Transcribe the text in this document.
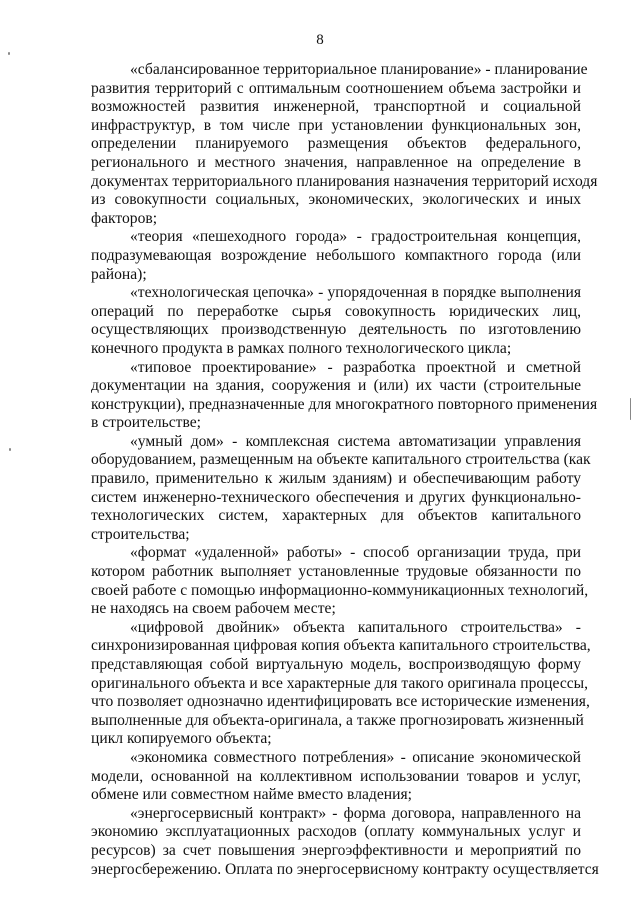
8
«сбалансированное территориальное планирование» - планирование
развития территорий с оптимальным соотношением объема застройки и
возможностей развития инженерной, транспортной и социальной
инфраструктур, в том числе при установлении функциональных зон,
определении планируемого размещения объектов федерального,
регионального и местного значения, направленное на определение в
документах территориального планирования назначения территорий исходя
из совокупности социальных, экономических, экологических и иных
факторов;
«теория «пешеходного города» - градостроительная концепция,
подразумевающая возрождение небольшого компактного города (или
района);
«технологическая цепочка» - упорядоченная в порядке выполнения
операций по переработке сырья совокупность юридических лиц,
осуществляющих производственную деятельность по изготовлению
конечного продукта в рамках полного технологического цикла;
«типовое проектирование» - разработка проектной и сметной
документации на здания, сооружения и (или) их части (строительные
конструкции), предназначенные для многократного повторного применения
в строительстве;
«умный дом» - комплексная система автоматизации управления
оборудованием, размещенным на объекте капитального строительства (как
правило, применительно к жилым зданиям) и обеспечивающим работу
систем инженерно-технического обеспечения и других функционально-
технологических систем, характерных для объектов капитального
строительства;
«формат «удаленной» работы» - способ организации труда, при
котором работник выполняет установленные трудовые обязанности по
своей работе с помощью информационно-коммуникационных технологий,
не находясь на своем рабочем месте;
«цифровой двойник» объекта капитального строительства» -
синхронизированная цифровая копия объекта капитального строительства,
представляющая собой виртуальную модель, воспроизводящую форму
оригинального объекта и все характерные для такого оригинала процессы,
что позволяет однозначно идентифицировать все исторические изменения,
выполненные для объекта-оригинала, а также прогнозировать жизненный
цикл копируемого объекта;
«экономика совместного потребления» - описание экономической
модели, основанной на коллективном использовании товаров и услуг,
обмене или совместном найме вместо владения;
«энергосервисный контракт» - форма договора, направленного на
экономию эксплуатационных расходов (оплату коммунальных услуг и
ресурсов) за счет повышения энергоэффективности и мероприятий по
энергосбережению. Оплата по энергосервисному контракту осуществляется
